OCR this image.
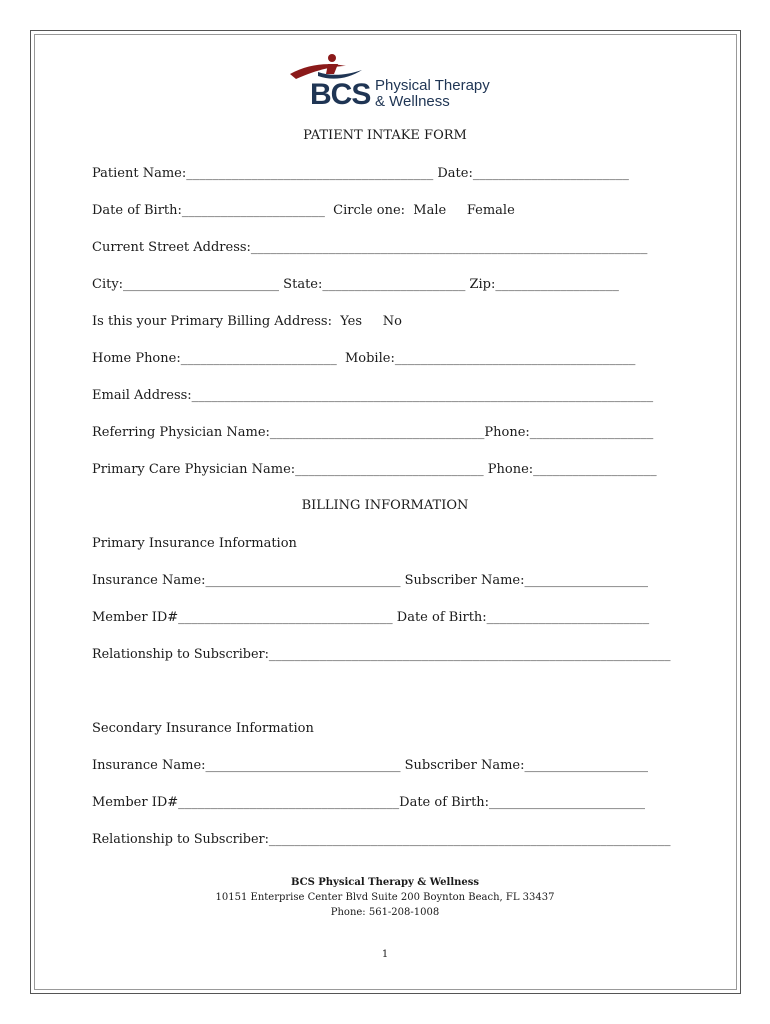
BCS Physical Therapy
& Wellness
PATIENT INTAKE FORM
Patient Name:______________________________________ Date:________________________
Date of Birth:______________________  Circle one:  Male     Female
Current Street Address:_____________________________________________________________
City:________________________ State:______________________ Zip:___________________
Is this your Primary Billing Address:  Yes     No
Home Phone:________________________  Mobile:_____________________________________
Email Address:_______________________________________________________________________
Referring Physician Name:_________________________________Phone:___________________
Primary Care Physician Name:_____________________________ Phone:___________________
BILLING INFORMATION
Primary Insurance Information
Insurance Name:______________________________ Subscriber Name:___________________
Member ID#_________________________________ Date of Birth:_________________________
Relationship to Subscriber:_______________________________________________________________
Secondary Insurance Information
Insurance Name:______________________________ Subscriber Name:___________________
Member ID#__________________________________Date of Birth:________________________
Relationship to Subscriber:_______________________________________________________________
BCS Physical Therapy & Wellness
10151 Enterprise Center Blvd Suite 200 Boynton Beach, FL 33437
Phone: 561-208-1008
1
